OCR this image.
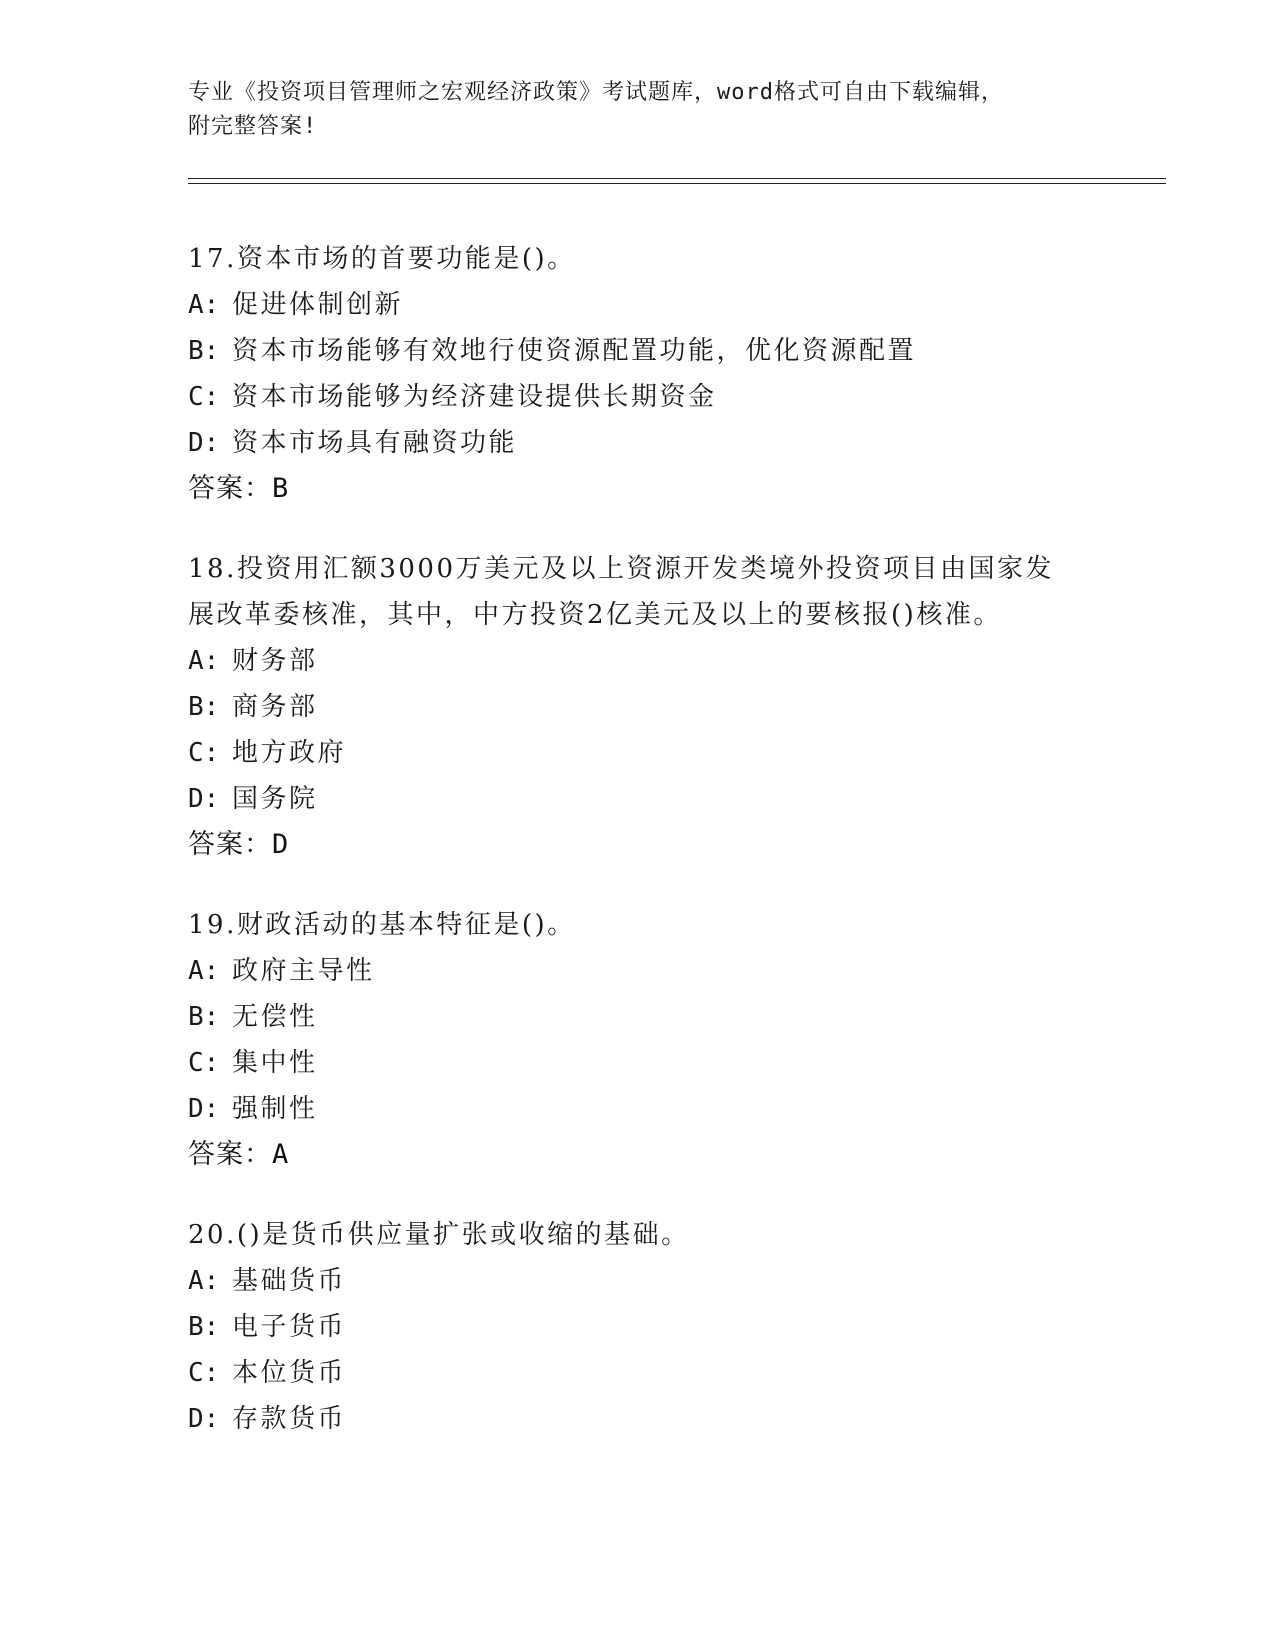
专业《投资项目管理师之宏观经济政策》考试题库，word格式可自由下载编辑，
附完整答案!
17.资本市场的首要功能是()。
A: 促进体制创新
B: 资本市场能够有效地行使资源配置功能，优化资源配置
C: 资本市场能够为经济建设提供长期资金
D: 资本市场具有融资功能
答案：B
18.投资用汇额3000万美元及以上资源开发类境外投资项目由国家发
展改革委核准，其中，中方投资2亿美元及以上的要核报()核准。
A: 财务部
B: 商务部
C: 地方政府
D: 国务院
答案：D
19.财政活动的基本特征是()。
A: 政府主导性
B: 无偿性
C: 集中性
D: 强制性
答案：A
20.()是货币供应量扩张或收缩的基础。
A: 基础货币
B: 电子货币
C: 本位货币
D: 存款货币
